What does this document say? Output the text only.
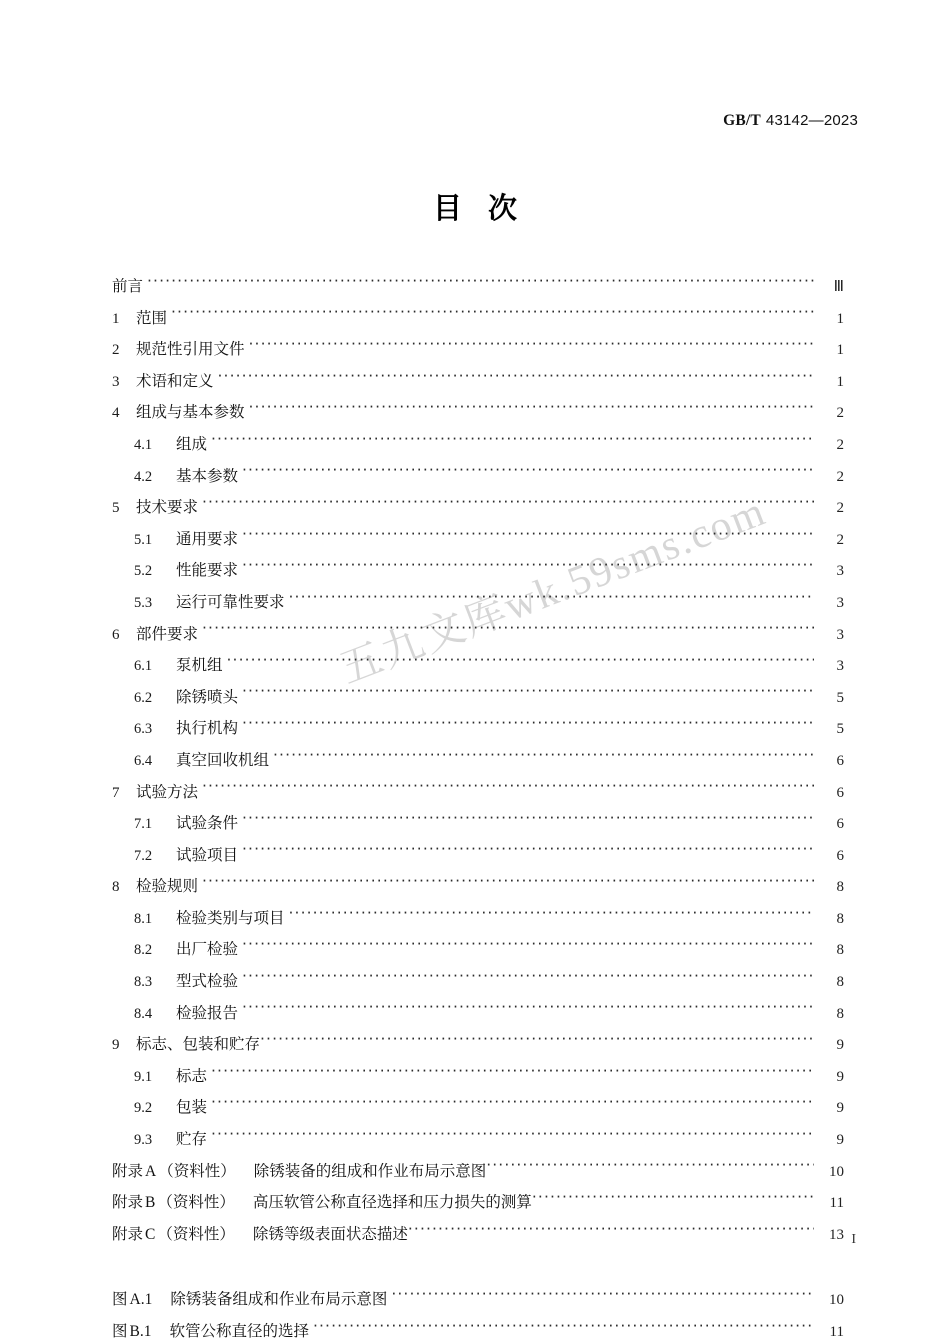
GB/T 43142—2023
目次
五九文库wk.59sms.com
前言 ·····	Ⅲ
1	范围 ·····	1
2	规范性引用文件 ·····	1
3	术语和定义 ·····	1
4	组成与基本参数 ·····	2
4.1	组成 ·····	2
4.2	基本参数 ·····	2
5	技术要求 ·····	2
5.1	通用要求 ·····	2
5.2	性能要求 ·····	3
5.3	运行可靠性要求 ·····	3
6	部件要求 ·····	3
6.1	泵机组 ·····	3
6.2	除锈喷头 ·····	5
6.3	执行机构 ·····	5
6.4	真空回收机组 ·····	6
7	试验方法 ·····	6
7.1	试验条件 ·····	6
7.2	试验项目 ·····	6
8	检验规则 ·····	8
8.1	检验类别与项目 ·····	8
8.2	出厂检验 ·····	8
8.3	型式检验 ·····	8
8.4	检验报告 ·····	8
9	标志、包装和贮存 ·····	9
9.1	标志 ·····	9
9.2	包装 ·····	9
9.3	贮存 ·····	9
附录 A （资料性） 除锈装备的组成和作业布局示意图 ·····	10
附录 B （资料性） 高压软管公称直径选择和压力损失的测算 ·····	11
附录 C （资料性） 除锈等级表面状态描述 ·····	13
图 A.1 除锈装备组成和作业布局示意图 ·····	10
图 B.1 软管公称直径的选择 ·····	11
I
